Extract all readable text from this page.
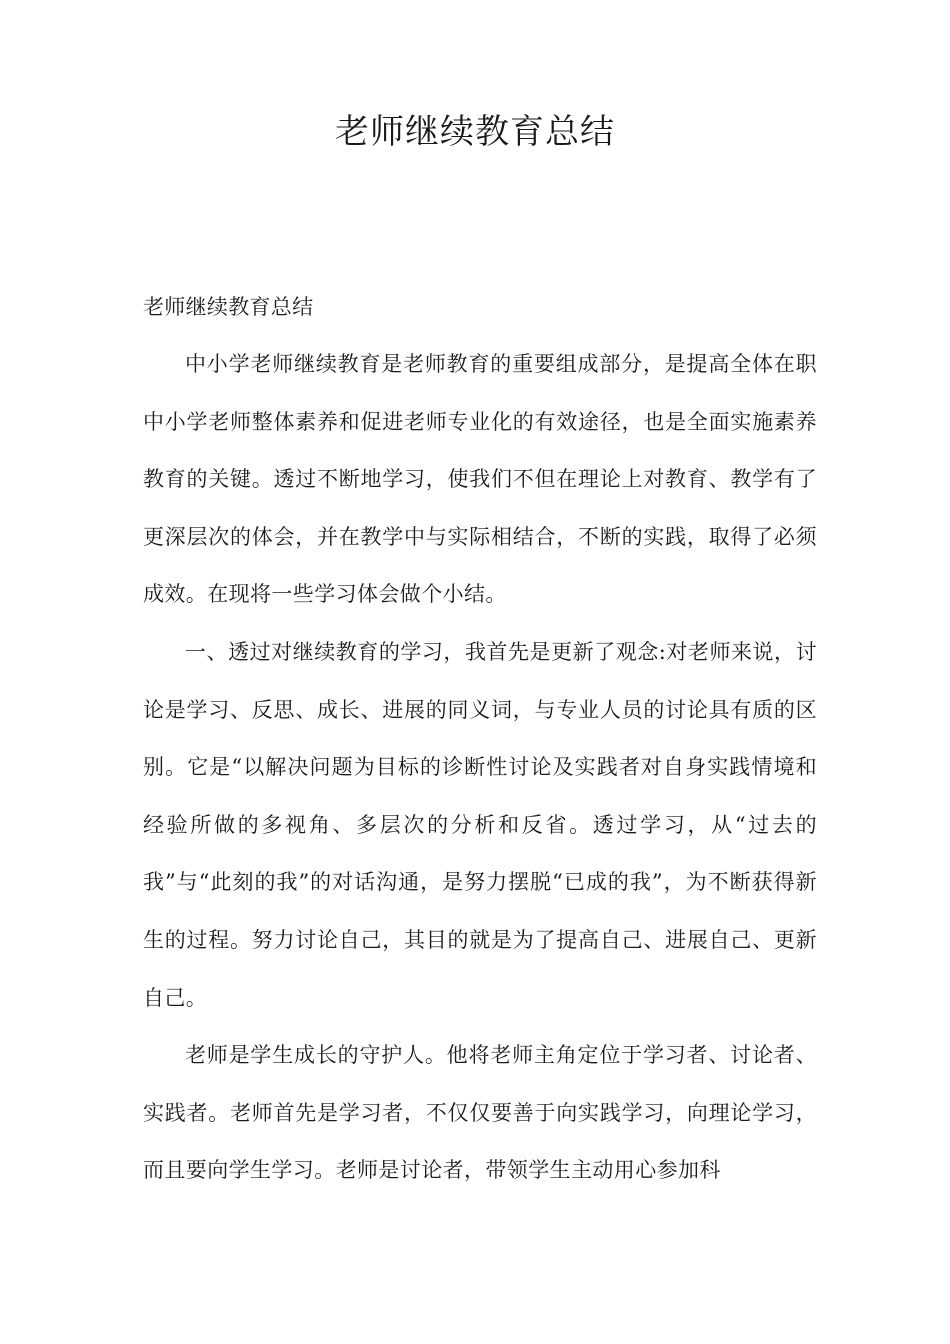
老师继续教育总结

老师继续教育总结

中小学老师继续教育是老师教育的重要组成部分，是提高全体在职中小学老师整体素养和促进老师专业化的有效途径，也是全面实施素养教育的关键。透过不断地学习，使我们不但在理论上对教育、教学有了更深层次的体会，并在教学中与实际相结合，不断的实践，取得了必须成效。在现将一些学习体会做个小结。

一、透过对继续教育的学习，我首先是更新了观念:对老师来说，讨论是学习、反思、成长、进展的同义词，与专业人员的讨论具有质的区别。它是“以解决问题为目标的诊断性讨论及实践者对自身实践情境和经验所做的多视角、多层次的分析和反省。透过学习，从“过去的我”与“此刻的我”的对话沟通，是努力摆脱“已成的我”，为不断获得新生的过程。努力讨论自己，其目的就是为了提高自己、进展自己、更新自己。

老师是学生成长的守护人。他将老师主角定位于学习者、讨论者、实践者。老师首先是学习者，不仅仅要善于向实践学习，向理论学习，而且要向学生学习。老师是讨论者，带领学生主动用心参加科
